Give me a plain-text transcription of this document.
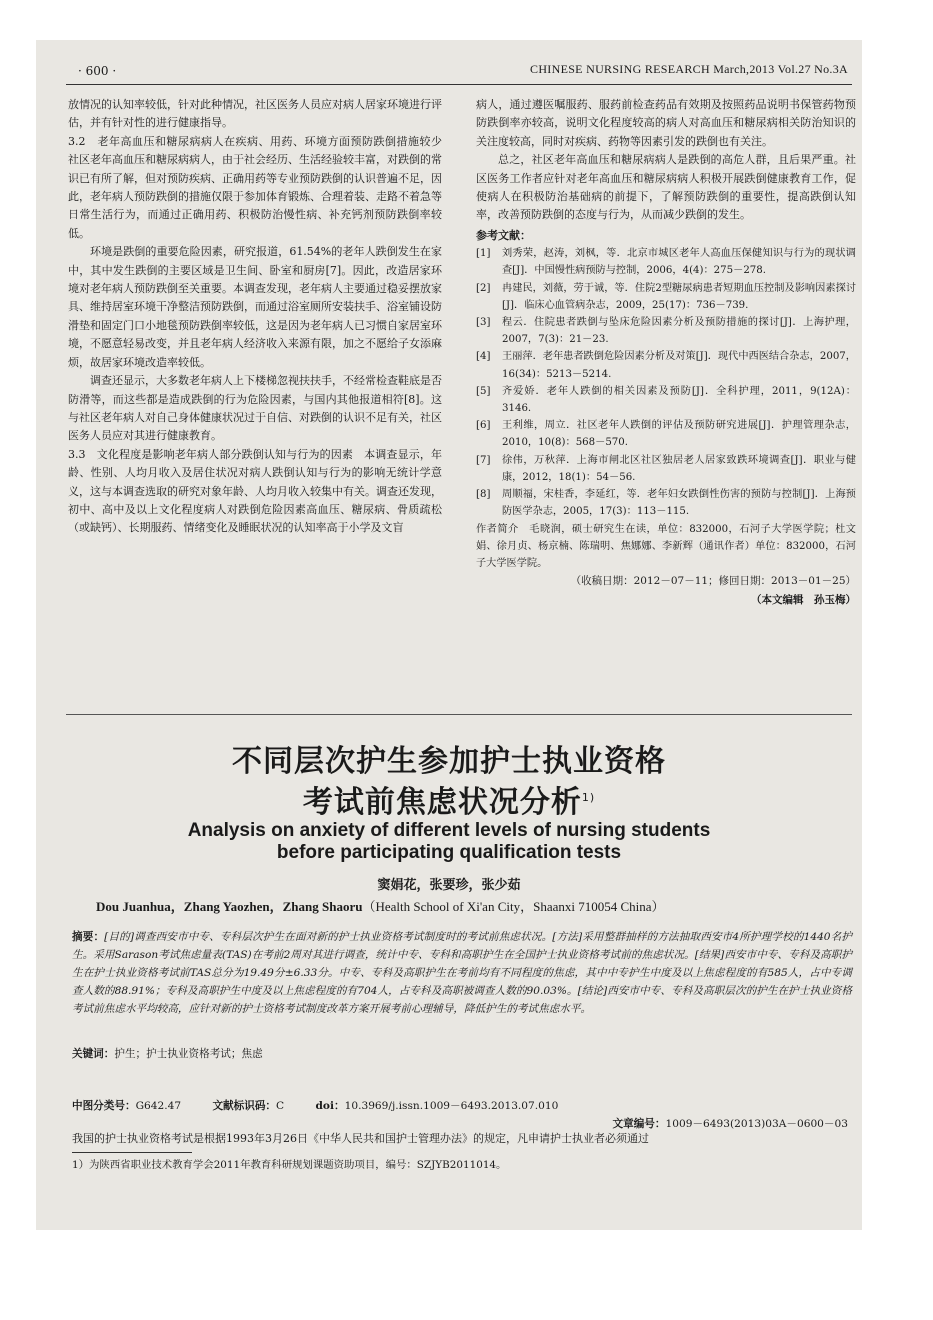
· 600 ·	CHINESE NURSING RESEARCH March,2013 Vol.27 No.3A

放情况的认知率较低，针对此种情况，社区医务人员应对病人居家环境进行评估，并有针对性的进行健康指导。

3.2　老年高血压和糖尿病病人在疾病、用药、环境方面预防跌倒措施较少　社区老年高血压和糖尿病病人，由于社会经历、生活经验较丰富，对跌倒的常识已有所了解，但对预防疾病、正确用药等专业预防跌倒的认识普遍不足，因此，老年病人预防跌倒的措施仅限于参加体育锻炼、合理着装、走路不着急等日常生活行为，而通过正确用药、积极防治慢性病、补充钙剂预防跌倒率较低。

环境是跌倒的重要危险因素，研究报道，61.54%的老年人跌倒发生在家中，其中发生跌倒的主要区域是卫生间、卧室和厨房[7]。因此，改造居家环境对老年病人预防跌倒至关重要。本调查发现，老年病人主要通过稳妥摆放家具、维持居室环境干净整洁预防跌倒，而通过浴室厕所安装扶手、浴室铺设防滑垫和固定门口小地毯预防跌倒率较低，这是因为老年病人已习惯自家居室环境，不愿意轻易改变，并且老年病人经济收入来源有限，加之不愿给子女添麻烦，故居家环境改造率较低。

调查还显示，大多数老年病人上下楼梯忽视扶扶手，不经常检查鞋底是否防滑等，而这些都是造成跌倒的行为危险因素，与国内其他报道相符[8]。这与社区老年病人对自己身体健康状况过于自信、对跌倒的认识不足有关，社区医务人员应对其进行健康教育。

3.3　文化程度是影响老年病人部分跌倒认知与行为的因素　本调查显示，年龄、性别、人均月收入及居住状况对病人跌倒认知与行为的影响无统计学意义，这与本调查选取的研究对象年龄、人均月收入较集中有关。调查还发现，初中、高中及以上文化程度病人对跌倒危险因素高血压、糖尿病、骨质疏松（或缺钙）、长期服药、情绪变化及睡眠状况的认知率高于小学及文盲

病人，通过遵医嘱服药、服药前检查药品有效期及按照药品说明书保管药物预防跌倒率亦较高，说明文化程度较高的病人对高血压和糖尿病相关防治知识的关注度较高，同时对疾病、药物等因素引发的跌倒也有关注。

总之，社区老年高血压和糖尿病病人是跌倒的高危人群，且后果严重。社区医务工作者应针对老年高血压和糖尿病病人积极开展跌倒健康教育工作，促使病人在积极防治基础病的前提下，了解预防跌倒的重要性，提高跌倒认知率，改善预防跌倒的态度与行为，从而减少跌倒的发生。

参考文献：
[1]	刘秀荣，赵涛，刘枫，等．北京市城区老年人高血压保健知识与行为的现状调查[J]．中国慢性病预防与控制，2006，4(4)：275－278.
[2]	冉建民，刘薇，劳于诚，等．住院2型糖尿病患者短期血压控制及影响因素探讨[J]．临床心血管病杂志，2009，25(17)：736－739.
[3]	程云．住院患者跌倒与坠床危险因素分析及预防措施的探讨[J]．上海护理，2007，7(3)：21－23.
[4]	王丽萍．老年患者跌倒危险因素分析及对策[J]．现代中西医结合杂志，2007，16(34)：5213－5214.
[5]	齐爱娇．老年人跌倒的相关因素及预防[J]．全科护理，2011，9(12A)：3146.
[6]	王利维，周立．社区老年人跌倒的评估及预防研究进展[J]．护理管理杂志，2010，10(8)：568－570.
[7]	徐伟，万秋萍．上海市闸北区社区独居老人居家致跌环境调查[J]．职业与健康，2012，18(1)：54－56.
[8]	周顺福，宋桂香，李延红，等．老年妇女跌倒性伤害的预防与控制[J]．上海预防医学杂志，2005，17(3)：113－115.
作者简介　毛晓润，硕士研究生在读，单位：832000，石河子大学医学院；杜文娟、徐月贞、杨京楠、陈瑞明、焦娜娜、李新辉（通讯作者）单位：832000，石河子大学医学院。
（收稿日期：2012－07－11；修回日期：2013－01－25）
（本文编辑　孙玉梅）
不同层次护生参加护士执业资格
考试前焦虑状况分析$^{1)}$
Analysis on anxiety of different levels of nursing students
before participating qualification tests
窦娟花，张要珍，张少茹
Dou Juanhua，Zhang Yaozhen，Zhang Shaoru（Health School of Xi'an City，Shaanxi 710054 China）
摘要：[目的]调查西安市中专、专科层次护生在面对新的护士执业资格考试制度时的考试前焦虑状况。[方法]采用整群抽样的方法抽取西安市4所护理学校的1440名护生。采用Sarason考试焦虑量表(TAS)在考前2周对其进行调查，统计中专、专科和高职护生在全国护士执业资格考试前的焦虑状况。[结果]西安市中专、专科及高职护生在护士执业资格考试前TAS总分为19.49分±6.33分。中专、专科及高职护生在考前均有不同程度的焦虑，其中中专护生中度及以上焦虑程度的有585人，占中专调查人数的88.91%；专科及高职护生中度及以上焦虑程度的有704人，占专科及高职被调查人数的90.03%。[结论]西安市中专、专科及高职层次的护生在护士执业资格考试前焦虑水平均较高，应针对新的护士资格考试制度改革方案开展考前心理辅导，降低护生的考试焦虑水平。
关键词：护生；护士执业资格考试；焦虑
中图分类号：G642.47	文献标识码：C	doi：10.3969/j.issn.1009－6493.2013.07.010
文章编号：1009－6493(2013)03A－0600－03
我国的护士执业资格考试是根据1993年3月26日《中华人民共和国护士管理办法》的规定，凡申请护士执业者必须通过
1）为陕西省职业技术教育学会2011年教育科研规划课题资助项目，编号：SZJYB2011014。
